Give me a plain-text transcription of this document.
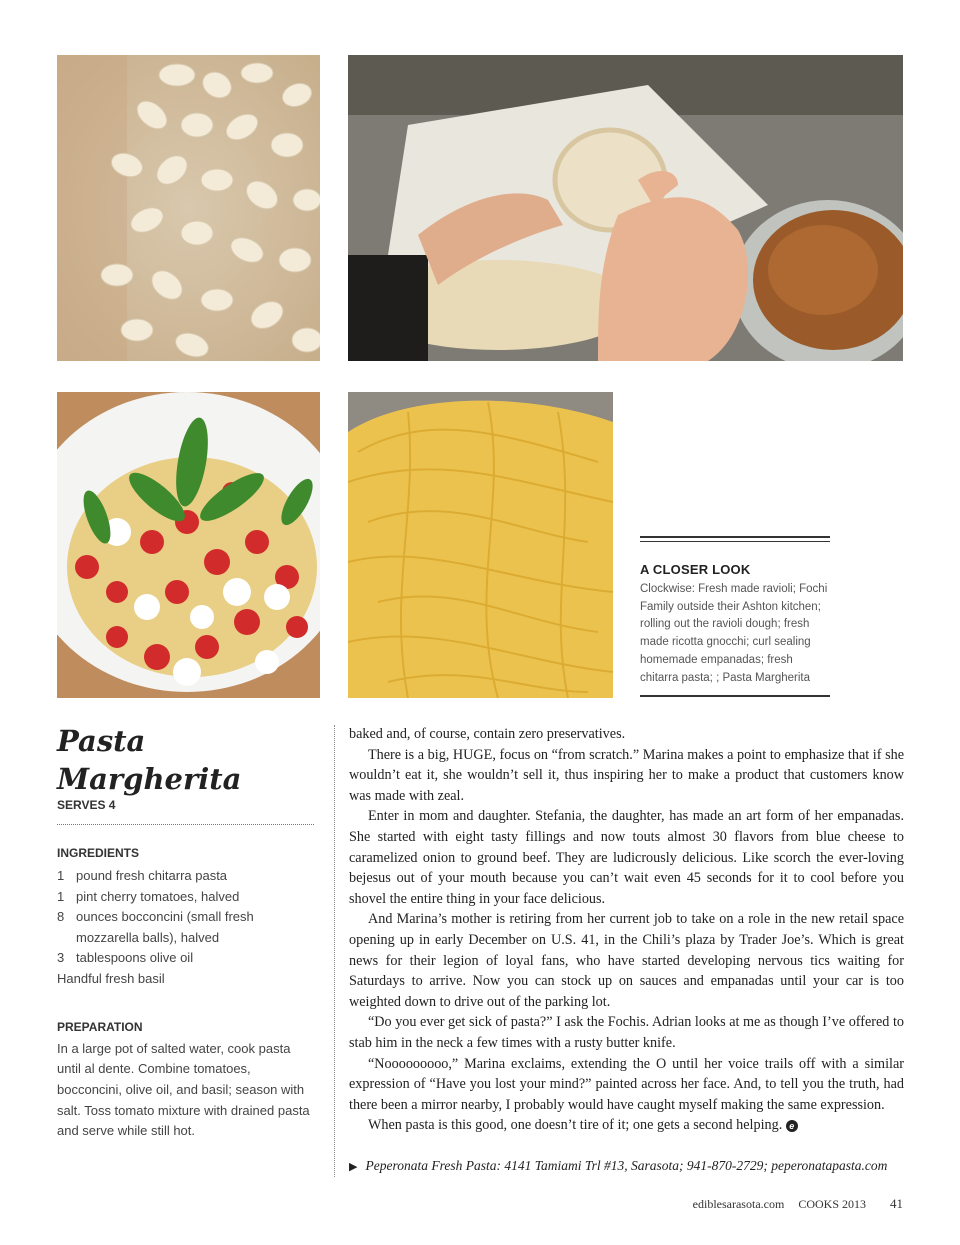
A CLOSER LOOK
Clockwise: Fresh made ravioli; Fochi Family outside their Ashton kitchen; rolling out the ravioli dough; fresh made ricotta gnocchi; curl sealing homemade empanadas; fresh chitarra pasta; ; Pasta Margherita
Pasta Margherita
SERVES 4
INGREDIENTS
1 pound fresh chitarra pasta
1 pint cherry tomatoes, halved
8 ounces bocconcini (small fresh mozzarella balls), halved
3 tablespoons olive oil
Handful fresh basil
PREPARATION
In a large pot of salted water, cook pasta until al dente. Combine tomatoes, bocconcini, olive oil, and basil; season with salt. Toss tomato mixture with drained pasta and serve while still hot.

baked and, of course, contain zero preservatives.

There is a big, HUGE, focus on “from scratch.” Marina makes a point to emphasize that if she wouldn’t eat it, she wouldn’t sell it, thus inspiring her to make a product that customers know was made with zeal.

Enter in mom and daughter. Stefania, the daughter, has made an art form of her empanadas. She started with eight tasty fillings and now touts almost 30 flavors from blue cheese to caramelized onion to ground beef. They are ludicrously delicious. Like scorch the ever-loving bejesus out of your mouth because you can’t wait even 45 seconds for it to cool before you shovel the entire thing in your face delicious.

And Marina’s mother is retiring from her current job to take on a role in the new retail space opening up in early December on U.S. 41, in the Chili’s plaza by Trader Joe’s. Which is great news for their legion of loyal fans, who have started developing nervous tics waiting for Saturdays to arrive. Now you can stock up on sauces and empanadas until your car is too weighted down to drive out of the parking lot.

“Do you ever get sick of pasta?” I ask the Fochis. Adrian looks at me as though I’ve offered to stab him in the neck a few times with a rusty butter knife.

“Nooooooooo,” Marina exclaims, extending the O until her voice trails off with a similar expression of “Have you lost your mind?” painted across her face. And, to tell you the truth, had there been a mirror nearby, I probably would have caught myself making the same expression.

When pasta is this good, one doesn’t tire of it; one gets a second helping. e

▶ Peperonata Fresh Pasta: 4141 Tamiami Trl #13, Sarasota; 941-870-2729; peperonatapasta.com
ediblesarasota.com COOKS 2013 41
